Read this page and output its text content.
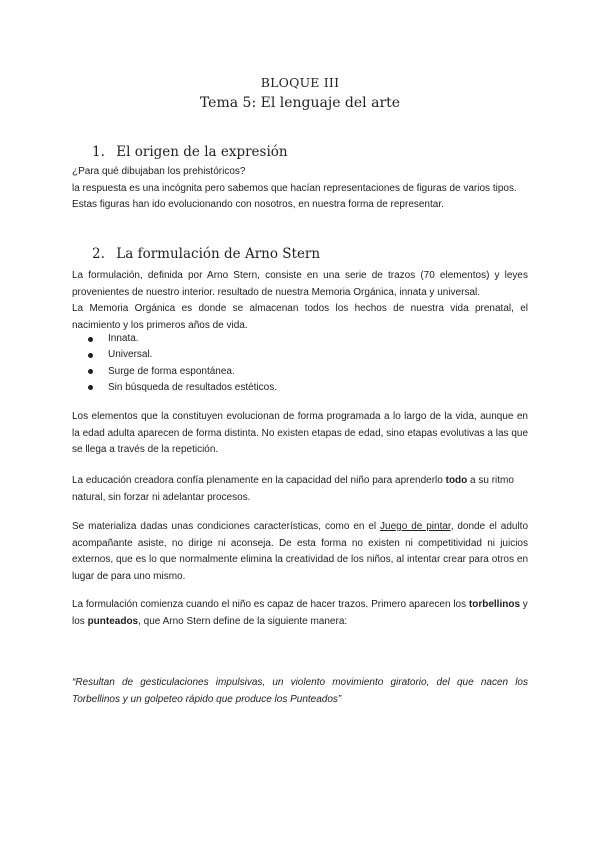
BLOQUE III
Tema 5: El lenguaje del arte
1. El origen de la expresión

¿Para qué dibujaban los prehistóricos?

la respuesta es una incógnita pero sabemos que hacían representaciones de figuras de varios tipos.

Estas figuras han ido evolucionando con nosotros, en nuestra forma de representar.

2. La formulación de Arno Stern

La formulación, definida por Arno Stern, consiste en una serie de trazos (70 elementos) y leyes provenientes de nuestro interior. resultado de nuestra Memoria Orgánica, innata y universal.

La Memoria Orgánica es donde se almacenan todos los hechos de nuestra vida prenatal, el nacimiento y los primeros años de vida.

Innata.
Universal.
Surge de forma espontánea.
Sin búsqueda de resultados estéticos.

Los elementos que la constituyen evolucionan de forma programada a lo largo de la vida, aunque en la edad adulta aparecen de forma distinta. No existen etapas de edad, sino etapas evolutivas a las que se llega a través de la repetición.

La educación creadora confía plenamente en la capacidad del niño para aprenderlo todo a su ritmo natural, sin forzar ni adelantar procesos.

Se materializa dadas unas condiciones características, como en el Juego de pintar, donde el adulto acompañante asiste, no dirige ni aconseja. De esta forma no existen ni competitividad ni juicios externos, que es lo que normalmente elimina la creatividad de los niños, al intentar crear para otros en lugar de para uno mismo.

La formulación comienza cuando el niño es capaz de hacer trazos. Primero aparecen los torbellinos y los punteados, que Arno Stern define de la siguiente manera:

“Resultan de gesticulaciones impulsivas, un violento movimiento giratorio, del que nacen los Torbellinos y un golpeteo rápido que produce los Punteados”
